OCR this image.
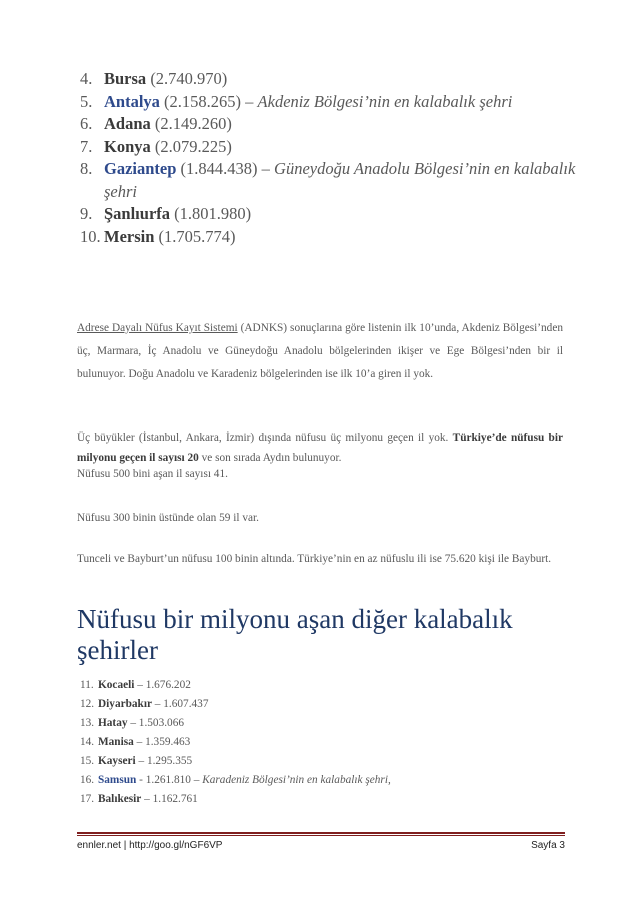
4. Bursa (2.740.970)
5. Antalya (2.158.265) – Akdeniz Bölgesi’nin en kalabalık şehri
6. Adana (2.149.260)
7. Konya (2.079.225)
8. Gaziantep (1.844.438) – Güneydoğu Anadolu Bölgesi’nin en kalabalık şehri
9. Şanlıurfa (1.801.980)
10. Mersin (1.705.774)
Adrese Dayalı Nüfus Kayıt Sistemi (ADNKS) sonuçlarına göre listenin ilk 10’unda, Akdeniz Bölgesi’nden üç, Marmara, İç Anadolu ve Güneydoğu Anadolu bölgelerinden ikişer ve Ege Bölgesi’nden bir il bulunuyor. Doğu Anadolu ve Karadeniz bölgelerinden ise ilk 10’a giren il yok.
Üç büyükler (İstanbul, Ankara, İzmir) dışında nüfusu üç milyonu geçen il yok. Türkiye’de nüfusu bir milyonu geçen il sayısı 20 ve son sırada Aydın bulunuyor.
Nüfusu 500 bini aşan il sayısı 41.
Nüfusu 300 binin üstünde olan 59 il var.
Tunceli ve Bayburt’un nüfusu 100 binin altında. Türkiye’nin en az nüfuslu ili ise 75.620 kişi ile Bayburt.
Nüfusu bir milyonu aşan diğer kalabalık şehirler
11. Kocaeli – 1.676.202
12. Diyarbakır – 1.607.437
13. Hatay – 1.503.066
14. Manisa – 1.359.463
15. Kayseri – 1.295.355
16. Samsun - 1.261.810 – Karadeniz Bölgesi’nin en kalabalık şehri,
17. Balıkesir – 1.162.761
ennler.net | http://goo.gl/nGF6VP	Sayfa 3
